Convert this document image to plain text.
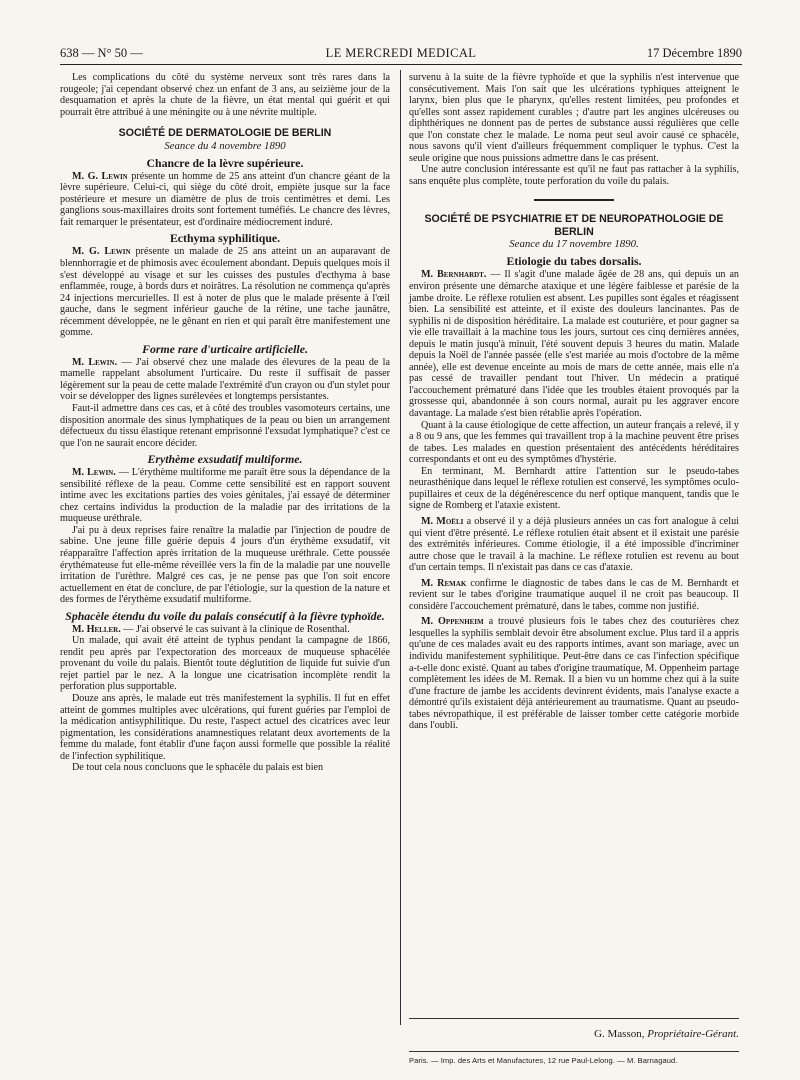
638 — N° 50 —	LE MERCREDI MEDICAL	17 Décembre 1890

Les complications du côté du système nerveux sont très rares dans la rougeole; j'ai cependant observé chez un enfant de 3 ans, au seizième jour de la desquamation et après la chute de la fièvre, un état mental qui guérit et qui pourrait être attribué à une méningite ou à une névrite multiple.

SOCIÉTÉ DE DERMATOLOGIE DE BERLIN
Seance du 4 novembre 1890
Chancre de la lèvre supérieure.

M. G. Lewin présente un homme de 25 ans atteint d'un chancre géant de la lèvre supérieure. Celui-ci, qui siège du côté droit, empiète jusque sur la face postérieure et mesure un diamètre de plus de trois centimètres et demi. Les ganglions sous-maxillaires droits sont fortement tuméfiés. Le chancre des lèvres, fait remarquer le présentateur, est d'ordinaire médiocrement induré.

Ecthyma syphilitique.

M. G. Lewin présente un malade de 25 ans atteint un an auparavant de blennhorragie et de phimosis avec écoulement abondant. Depuis quelques mois il s'est développé au visage et sur les cuisses des pustules d'ecthyma à base enflammée, rouge, à bords durs et noirâtres. La résolution ne commença qu'après 24 injections mercurielles. Il est à noter de plus que le malade présente à l'œil gauche, dans le segment inférieur gauche de la rétine, une tache jaunâtre, récemment développée, ne le gênant en rien et qui paraît être manifestement une gomme.

Forme rare d'urticaire artificielle.

M. Lewin. — J'ai observé chez une malade des élevures de la peau de la mamelle rappelant absolument l'urticaire. Du reste il suffisait de passer légèrement sur la peau de cette malade l'extrémité d'un crayon ou d'un stylet pour voir se développer des lignes surélevées et longtemps persistantes.

Faut-il admettre dans ces cas, et à côté des troubles vasomoteurs certains, une disposition anormale des sinus lymphatiques de la peau ou bien un arrangement défectueux du tissu élastique retenant emprisonné l'exsudat lymphatique? c'est ce que l'on ne saurait encore décider.

Erythème exsudatif multiforme.

M. Lewin. — L'érythème multiforme me paraît être sous la dépendance de la sensibilité réflexe de la peau. Comme cette sensibilité est en rapport souvent intime avec les excitations parties des voies génitales, j'ai essayé de déterminer chez certains individus la production de la maladie par des irritations de la muqueuse uréthrale.

J'ai pu à deux reprises faire renaître la maladie par l'injection de poudre de sabine. Une jeune fille guérie depuis 4 jours d'un érythème exsudatif, vit réapparaître l'affection après irritation de la muqueuse uréthrale. Cette poussée érythémateuse fut elle-même réveillée vers la fin de la maladie par une nouvelle irritation de l'urèthre. Malgré ces cas, je ne pense pas que l'on soit encore actuellement en état de conclure, de par l'étiologie, sur la question de la nature et des formes de l'érythème exsudatif multiforme.

Sphacèle étendu du voile du palais consécutif à la fièvre typhoïde.

M. Heller. — J'ai observé le cas suivant à la clinique de Rosenthal.

Un malade, qui avait été atteint de typhus pendant la campagne de 1866, rendit peu après par l'expectoration des morceaux de muqueuse sphacélée provenant du voile du palais. Bientôt toute déglutition de liquide fut suivie d'un rejet partiel par le nez. A la longue une cicatrisation incomplète rendit la perforation plus supportable.

Douze ans après, le malade eut très manifestement la syphilis. Il fut en effet atteint de gommes multiples avec ulcérations, qui furent guéries par l'emploi de la médication antisyphilitique. Du reste, l'aspect actuel des cicatrices avec leur pigmentation, les considérations anamnestiques relatant deux avortements de la femme du malade, font établir d'une façon aussi formelle que possible la réalité de l'infection syphilitique.

De tout cela nous concluons que le sphacèle du palais est bien

survenu à la suite de la fièvre typhoïde et que la syphilis n'est intervenue que consécutivement. Mais l'on sait que les ulcérations typhiques atteignent le larynx, bien plus que le pharynx, qu'elles restent limitées, peu profondes et qu'elles sont assez rapidement curables ; d'autre part les angines ulcéreuses ou diphthériques ne donnent pas de pertes de substance aussi régulières que celle que l'on constate chez le malade. Le noma peut seul avoir causé ce sphacèle, nous savons qu'il vient d'ailleurs fréquemment compliquer le typhus. C'est la seule origine que nous puissions admettre dans le cas présent.

Une autre conclusion intéressante est qu'il ne faut pas rattacher à la syphilis, sans enquête plus complète, toute perforation du voile du palais.

SOCIÉTÉ DE PSYCHIATRIE ET DE NEUROPATHOLOGIE DE BERLIN
Seance du 17 novembre 1890.
Etiologie du tabes dorsalis.

M. Bernhardt. — Il s'agit d'une malade âgée de 28 ans, qui depuis un an environ présente une démarche ataxique et une légère faiblesse et parésie de la jambe droite. Le réflexe rotulien est absent. Les pupilles sont égales et réagissent bien. La sensibilité est atteinte, et il existe des douleurs lancinantes. Pas de syphilis ni de disposition héréditaire. La malade est couturière, et pour gagner sa vie elle travaillait à la machine tous les jours, surtout ces cinq dernières années, depuis le matin jusqu'à minuit, l'été souvent depuis 3 heures du matin. Malade depuis la Noël de l'année passée (elle s'est mariée au mois d'octobre de la même année), elle est devenue enceinte au mois de mars de cette année, mais elle n'a pas cessé de travailler pendant tout l'hiver. Un médecin a pratiqué l'accouchement prématuré dans l'idée que les troubles étaient provoqués par la grossesse qui, abandonnée à son cours normal, aurait pu les aggraver encore davantage. La malade s'est bien rétablie après l'opération.

Quant à la cause étiologique de cette affection, un auteur français a relevé, il y a 8 ou 9 ans, que les femmes qui travaillent trop à la machine peuvent être prises de tabes. Les malades en question présentaient des antécédents héréditaires correspondants et ont eu des symptômes d'hystérie.

En terminant, M. Bernhardt attire l'attention sur le pseudo-tabes neurasthénique dans lequel le réflexe rotulien est conservé, les symptômes oculo-pupillaires et ceux de la dégénérescence du nerf optique manquent, tandis que le signe de Romberg et l'ataxie existent.

M. Moëli a observé il y a déjà plusieurs années un cas fort analogue à celui qui vient d'être présenté. Le réflexe rotulien était absent et il existait une parésie des extrémités inférieures. Comme étiologie, il a été impossible d'incriminer autre chose que le travail à la machine. Le réflexe rotulien est revenu au bout d'un certain temps. Il n'existait pas dans ce cas d'ataxie.

M. Remak confirme le diagnostic de tabes dans le cas de M. Bernhardt et revient sur le tabes d'origine traumatique auquel il ne croit pas beaucoup. Il considère l'accouchement prématuré, dans le tabes, comme non justifié.

M. Oppenheim a trouvé plusieurs fois le tabes chez des couturières chez lesquelles la syphilis semblait devoir être absolument exclue. Plus tard il a appris qu'une de ces malades avait eu des rapports intimes, avant son mariage, avec un individu manifestement syphilitique. Peut-être dans ce cas l'infection spécifique a-t-elle donc existé. Quant au tabes d'origine traumatique, M. Oppenheim partage complètement les idées de M. Remak. Il a bien vu un homme chez qui à la suite d'une fracture de jambe les accidents devinrent évidents, mais l'analyse exacte a démontré qu'ils existaient déjà antérieurement au traumatisme. Quant au pseudo-tabes névropathique, il est préférable de laisser tomber cette catégorie morbide dans l'oubli.

G. Masson, Propriétaire-Gérant.
Paris. — Imp. des Arts et Manufactures, 12 rue Paul-Lelong. — M. Barnagaud.
